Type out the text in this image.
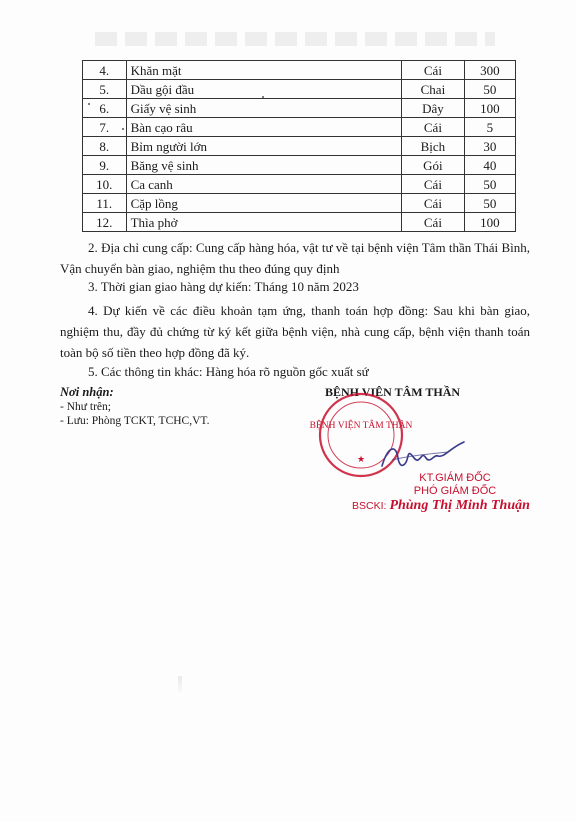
4.	Khăn mặt	Cái	300
5.	Dầu gội đầu	Chai	50
6.	Giấy vệ sinh	Dây	100
7.	Bàn cạo râu	Cái	5
8.	Bỉm người lớn	Bịch	30
9.	Băng vệ sinh	Gói	40
10.	Ca canh	Cái	50
11.	Cặp lồng	Cái	50
12.	Thìa phở	Cái	100
2. Địa chỉ cung cấp: Cung cấp hàng hóa, vật tư về tại bệnh viện Tâm thần Thái Bình, Vận chuyển bàn giao, nghiệm thu theo đúng quy định
3. Thời gian giao hàng dự kiến: Tháng 10 năm 2023
4. Dự kiến về các điều khoản tạm ứng, thanh toán hợp đồng: Sau khi bàn giao, nghiệm thu, đầy đủ chứng từ ký kết giữa bệnh viện, nhà cung cấp, bệnh viện thanh toán toàn bộ số tiền theo hợp đồng đã ký.
5. Các thông tin khác: Hàng hóa rõ nguồn gốc xuất sứ
Nơi nhận:
- Như trên;
- Lưu: Phòng TCKT, TCHC,VT.
BỆNH VIỆN TÂM THẦN
BỆNH VIỆN TÂM THẦN
★
KT.GIÁM ĐỐC
PHÓ GIÁM ĐỐC
BSCKI: Phùng Thị Minh Thuận
